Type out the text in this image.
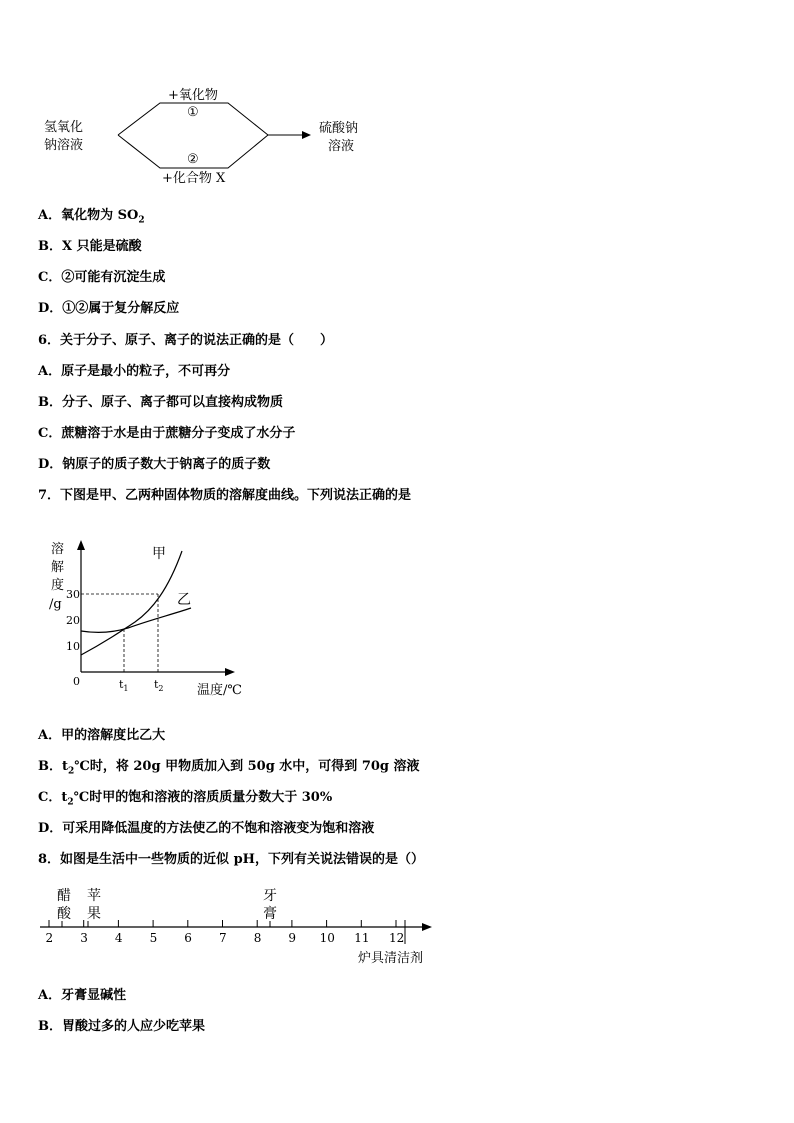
氢氧化
钠溶液
+氧化物
①
②
+化合物 X
硫酸钠
溶液
A．氧化物为 $SO_2$
B．X 只能是硫酸
C．②可能有沉淀生成
D．①②属于复分解反应
6．关于分子、原子、离子的说法正确的是（　　）
A．原子是最小的粒子，不可再分
B．分子、原子、离子都可以直接构成物质
C．蔗糖溶于水是由于蔗糖分子变成了水分子
D．钠原子的质子数大于钠离子的质子数
7．下图是甲、乙两种固体物质的溶解度曲线。下列说法正确的是
溶
解
度
/g
10
20
30
0	$t_1$ $t_2$
甲
乙
温度/℃
A．甲的溶解度比乙大
B．$t_2℃$时，将 20g 甲物质加入到 50g 水中，可得到 70g 溶液
C．$t_2℃$时甲的饱和溶液的溶质质量分数大于 30%
D．可采用降低温度的方法使乙的不饱和溶液变为饱和溶液
8．如图是生活中一些物质的近似 pH，下列有关说法错误的是（）
醋
酸
苹
果
牙
膏
2 3 4 5 6 7 8 9 10 11 12
炉具清洁剂
A．牙膏显碱性
B．胃酸过多的人应少吃苹果
